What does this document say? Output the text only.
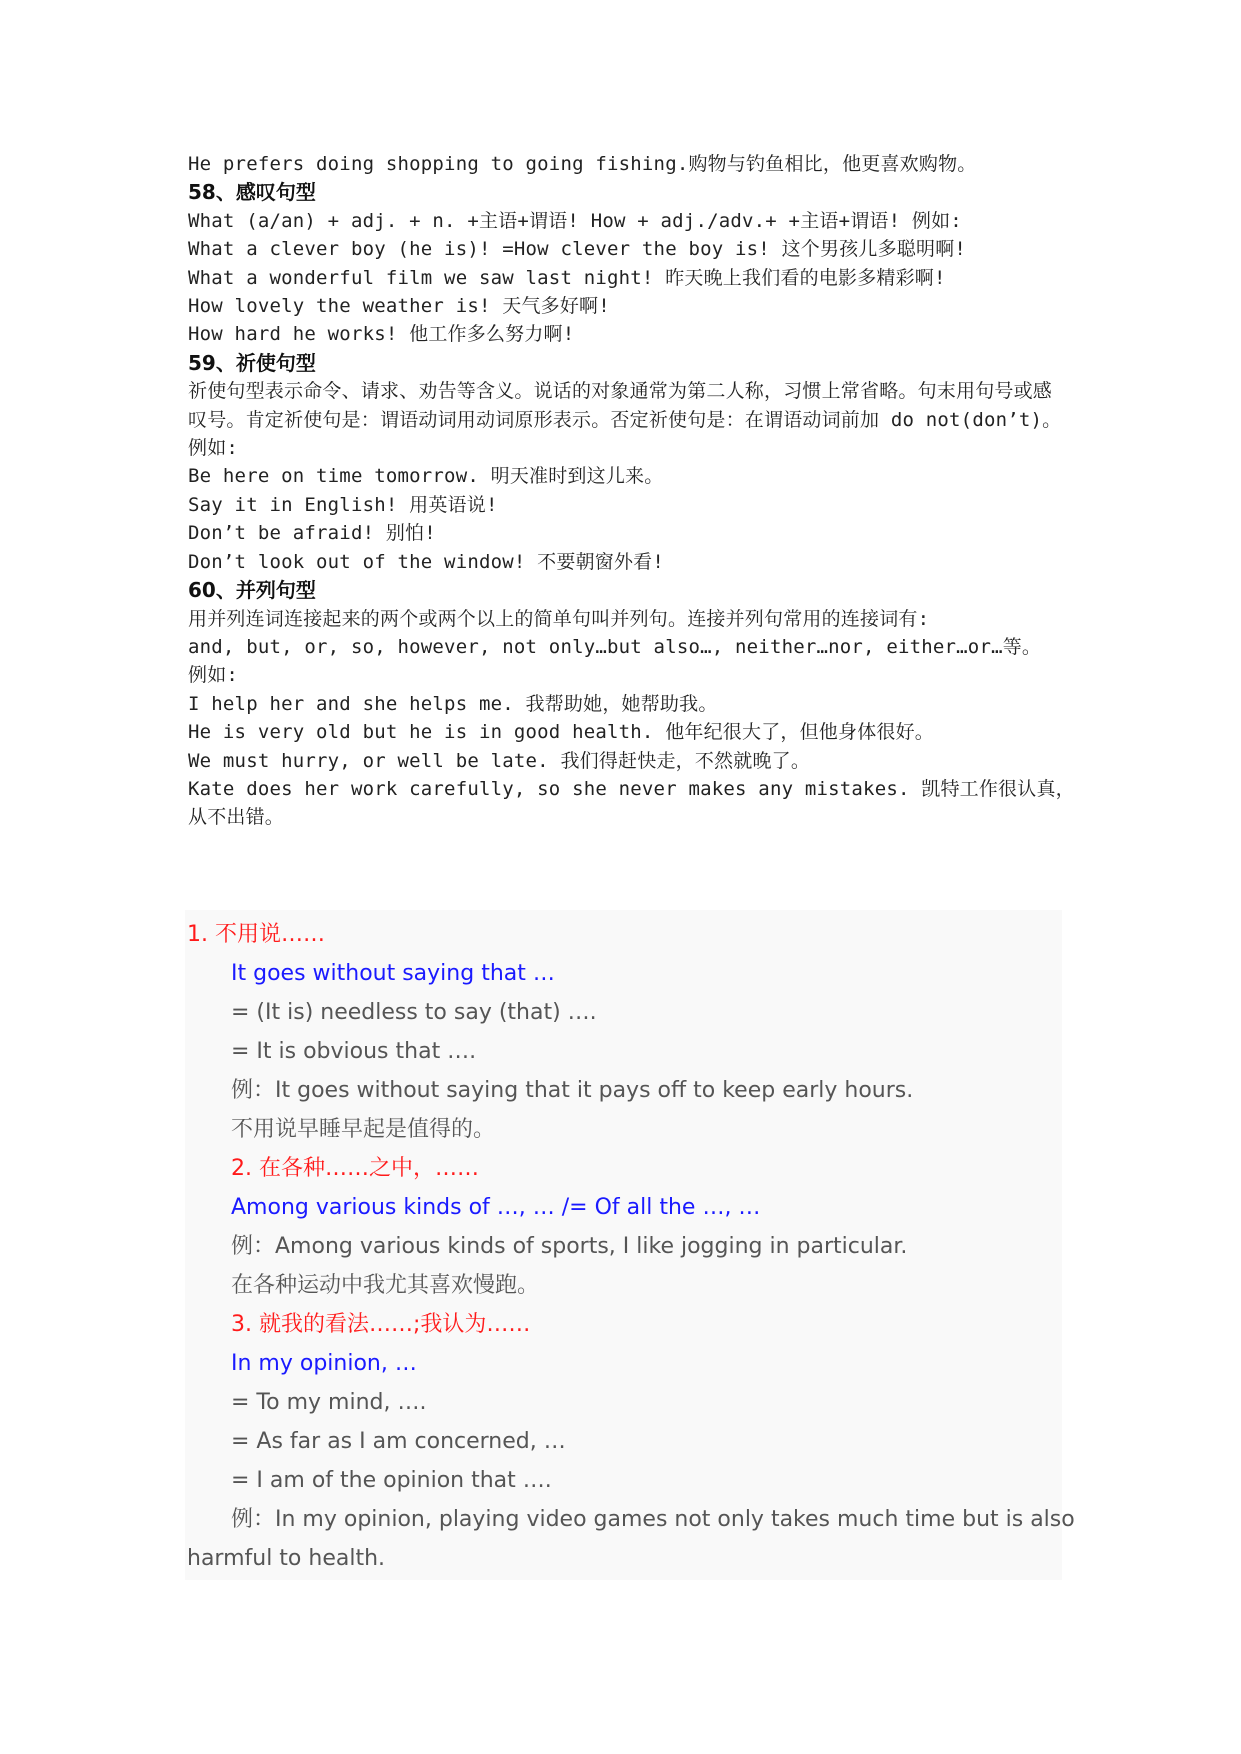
He prefers doing shopping to going fishing.购物与钓鱼相比，他更喜欢购物。
58、感叹句型
What (a/an) + adj. + n. +主语+谓语! How + adj./adv.+ +主语+谓语! 例如:
What a clever boy (he is)! =How clever the boy is! 这个男孩儿多聪明啊!
What a wonderful film we saw last night! 昨天晚上我们看的电影多精彩啊!
How lovely the weather is! 天气多好啊!
How hard he works! 他工作多么努力啊!
59、祈使句型
祈使句型表示命令、请求、劝告等含义。说话的对象通常为第二人称，习惯上常省略。句末用句号或感叹号。肯定祈使句是：谓语动词用动词原形表示。否定祈使句是：在谓语动词前加 do not(don’t)。例如:
Be here on time tomorrow. 明天准时到这儿来。
Say it in English! 用英语说!
Don’t be afraid! 别怕!
Don’t look out of the window! 不要朝窗外看!
60、并列句型
用并列连词连接起来的两个或两个以上的简单句叫并列句。连接并列句常用的连接词有:
and, but, or, so, however, not only…but also…, neither…nor, either…or…等。
例如:
I help her and she helps me. 我帮助她，她帮助我。
He is very old but he is in good health. 他年纪很大了，但他身体很好。
We must hurry, or well be late. 我们得赶快走，不然就晚了。
Kate does her work carefully, so she never makes any mistakes. 凯特工作很认真，
从不出错。
1. 不用说……
It goes without saying that …
= (It is) needless to say (that) ….
= It is obvious that ….
例：It goes without saying that it pays off to keep early hours.
不用说早睡早起是值得的。
2. 在各种……之中，……
Among various kinds of …, … /= Of all the …, …
例：Among various kinds of sports, I like jogging in particular.
在各种运动中我尤其喜欢慢跑。
3. 就我的看法……;我认为……
In my opinion, …
= To my mind, ….
= As far as I am concerned, …
= I am of the opinion that ….
例：In my opinion, playing video games not only takes much time but is also
harmful to health.
